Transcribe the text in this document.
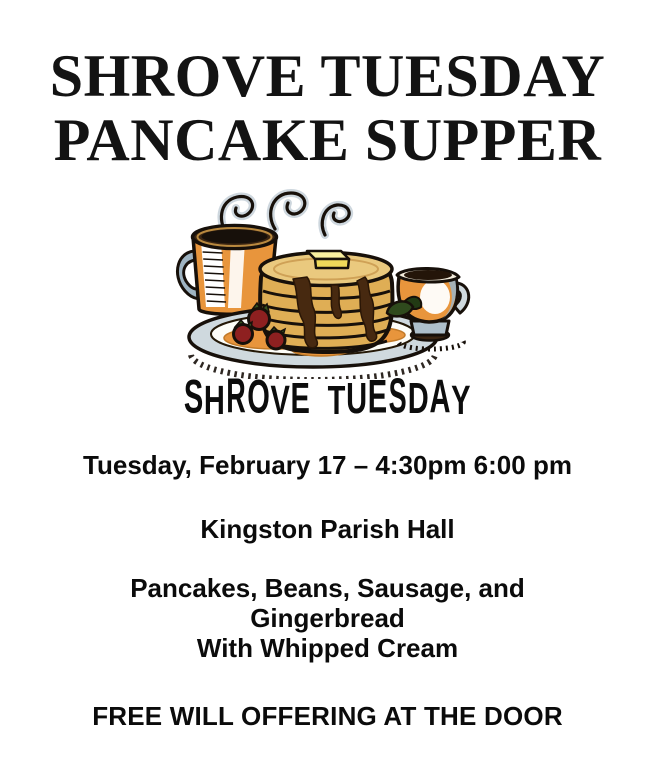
SHROVE TUESDAY
PANCAKE SUPPER
SHROVE TUESDAY

Tuesday, February 17 – 4:30pm 6:00 pm

Kingston Parish Hall

Pancakes, Beans, Sausage, and
Gingerbread
With Whipped Cream

FREE WILL OFFERING AT THE DOOR
